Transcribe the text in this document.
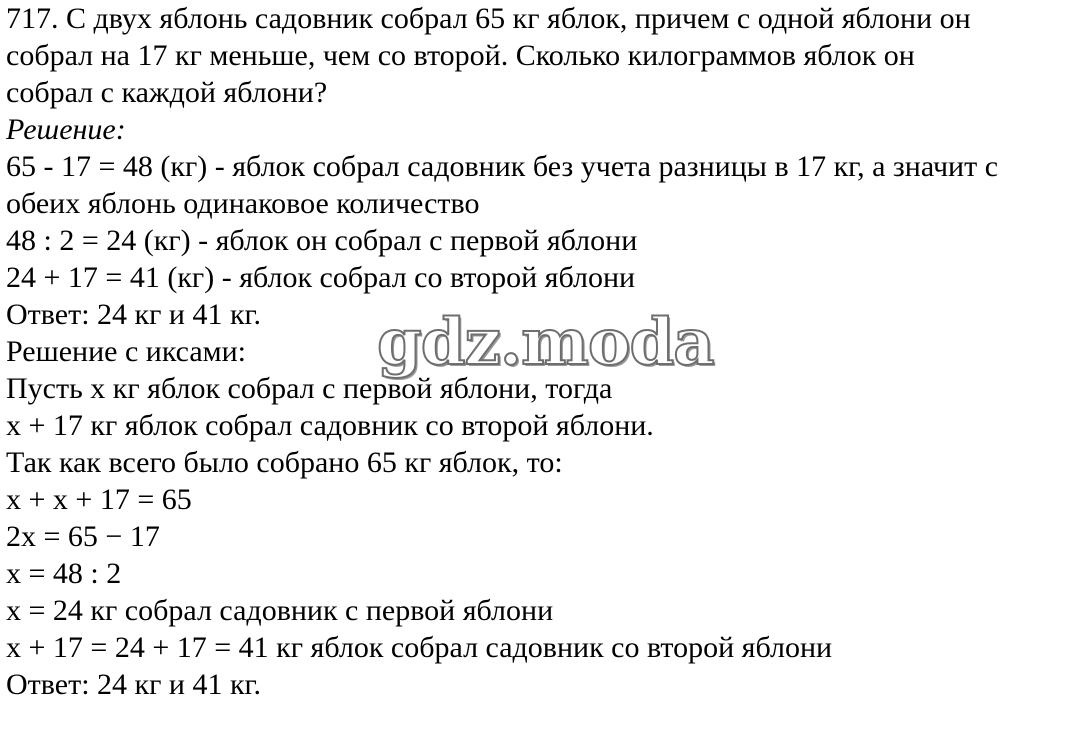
717. С двух яблонь садовник собрал 65 кг яблок, причем с одной яблони он
собрал на 17 кг меньше, чем со второй. Сколько килограммов яблок он
собрал с каждой яблони?
Решение:
65 - 17 = 48 (кг) - яблок собрал садовник без учета разницы в 17 кг, а значит с
обеих яблонь одинаковое количество
48 : 2 = 24 (кг) - яблок он собрал с первой яблони
24 + 17 = 41 (кг) - яблок собрал со второй яблони
Ответ: 24 кг и 41 кг.
Решение с иксами:
Пусть x кг яблок собрал с первой яблони, тогда
x + 17 кг яблок собрал садовник со второй яблони.
Так как всего было собрано 65 кг яблок, то:
x + x + 17 = 65
2x = 65 − 17
x = 48 : 2
x = 24 кг собрал садовник с первой яблони
x + 17 = 24 + 17 = 41 кг яблок собрал садовник со второй яблони
Ответ: 24 кг и 41 кг.
gdz.moda
